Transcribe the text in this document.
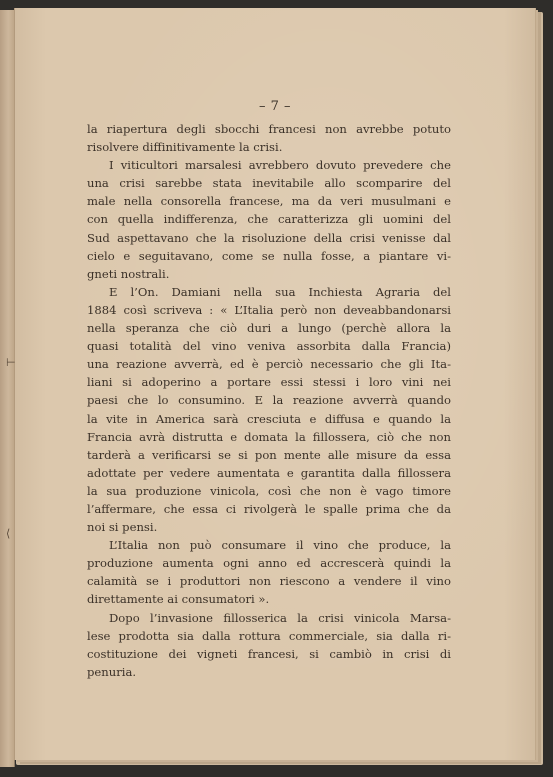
– 7 –
la riapertura degli sbocchi francesi non avrebbe potuto
risolvere diffinitivamente la crisi.
I viticultori marsalesi avrebbero dovuto prevedere che
una crisi sarebbe stata inevitabile allo scomparire del
male nella consorella francese, ma da veri musulmani e
con quella indifferenza, che caratterizza gli uomini del
Sud aspettavano che la risoluzione della crisi venisse dal
cielo e seguitavano, come se nulla fosse, a piantare vi-
gneti nostrali.
E l’On. Damiani nella sua Inchiesta Agraria del
1884 così scriveva : « L’Italia però non deveabbandonarsi
nella speranza che ciò duri a lungo (perchè allora la
quasi totalità del vino veniva assorbita dalla Francia)
una reazione avverrà, ed è perciò necessario che gli Ita-
liani si adoperino a portare essi stessi i loro vini nei
paesi che lo consumino. E la reazione avverrà quando
la vite in America sarà cresciuta e diffusa e quando la
Francia avrà distrutta e domata la fillossera, ciò che non
tarderà a verificarsi se si pon mente alle misure da essa
adottate per vedere aumentata e garantita dalla fillossera
la sua produzione vinicola, così che non è vago timore
l’affermare, che essa ci rivolgerà le spalle prima che da
noi si pensi.
L’Italia non può consumare il vino che produce, la
produzione aumenta ogni anno ed accrescerà quindi la
calamità se i produttori non riescono a vendere il vino
direttamente ai consumatori ».
Dopo l’invasione fillosserica la crisi vinicola Marsa-
lese prodotta sia dalla rottura commerciale, sia dalla ri-
costituzione dei vigneti francesi, si cambiò in crisi di
penuria.
⊢
⟨
